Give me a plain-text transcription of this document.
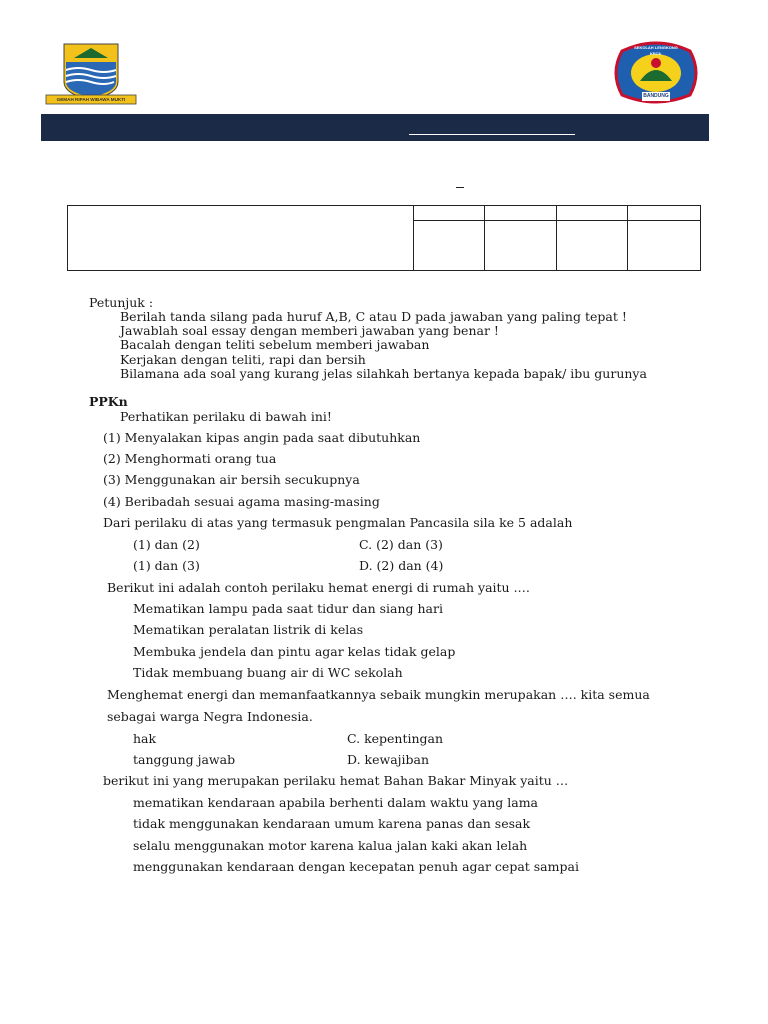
GEMAH RIPAH WIBAWA MUKTI
SEKOLAH LENGKONG KECIL
BANDUNG

Petunjuk :
Berilah tanda silang pada huruf A,B, C atau D pada jawaban yang paling tepat !
Jawablah soal essay dengan memberi jawaban yang benar !
Bacalah dengan teliti sebelum memberi jawaban
Kerjakan dengan teliti, rapi dan bersih
Bilamana ada soal yang kurang jelas silahkah bertanya kepada bapak/ ibu gurunya
PPKn
Perhatikan perilaku di bawah ini!
(1) Menyalakan kipas angin pada saat dibutuhkan
(2) Menghormati orang tua
(3) Menggunakan air bersih secukupnya
(4) Beribadah sesuai agama masing-masing
Dari perilaku di atas yang termasuk pengmalan Pancasila sila ke 5 adalah
(1) dan (2)	C. (2) dan (3)
(1) dan (3)	D. (2) dan (4)
Berikut ini adalah contoh perilaku hemat energi di rumah yaitu .…
Mematikan lampu pada saat tidur dan siang hari
Mematikan peralatan listrik di kelas
Membuka jendela dan pintu agar kelas tidak gelap
Tidak membuang buang air di WC sekolah
Menghemat energi dan memanfaatkannya sebaik mungkin merupakan …. kita semua
sebagai warga Negra Indonesia.
hak	C. kepentingan
tanggung jawab	D. kewajiban
berikut ini yang merupakan perilaku hemat Bahan Bakar Minyak yaitu …
mematikan kendaraan apabila berhenti dalam waktu yang lama
tidak menggunakan kendaraan umum karena panas dan sesak
selalu menggunakan motor karena kalua jalan kaki akan lelah
menggunakan kendaraan dengan kecepatan penuh agar cepat sampai
